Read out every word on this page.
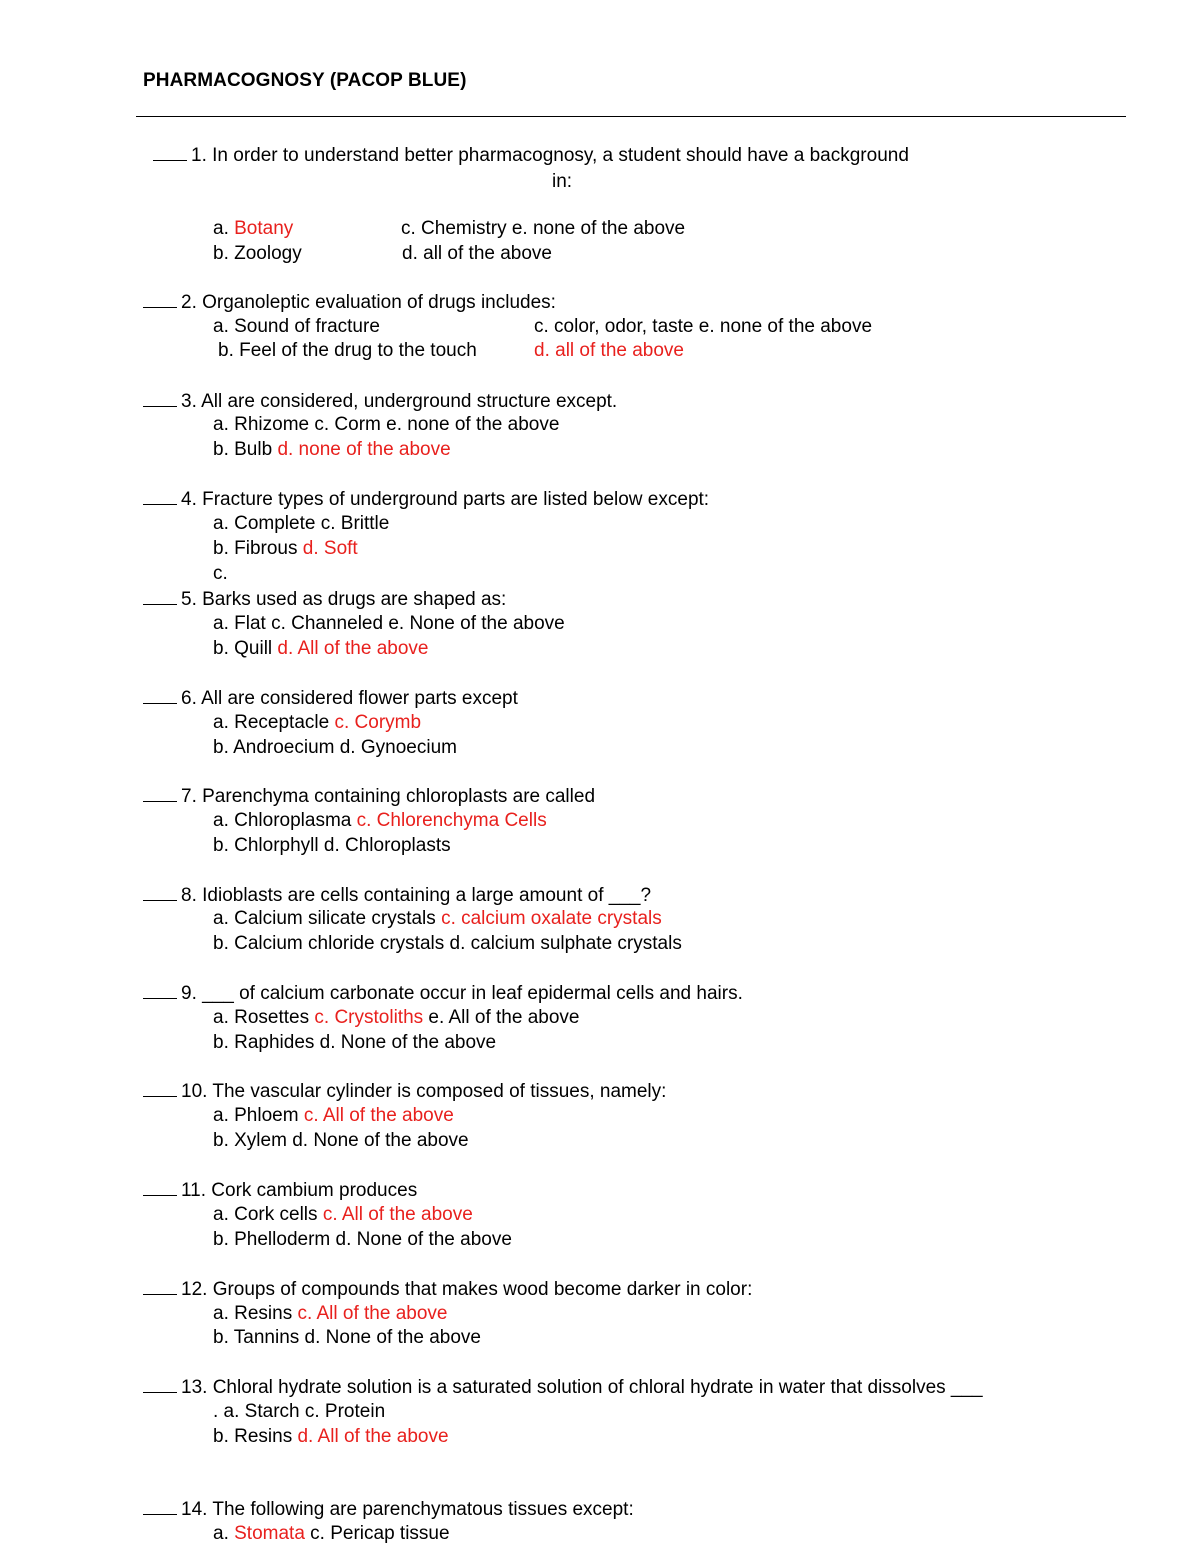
PHARMACOGNOSY (PACOP BLUE)
1. In order to understand better pharmacognosy, a student should have a background
in:
a. Botany	c. Chemistry e. none of the above
b. Zoology	d. all of the above
2. Organoleptic evaluation of drugs includes:
a. Sound of fracture	c. color, odor, taste e. none of the above
b. Feel of the drug to the touch	d. all of the above
3. All are considered, underground structure except.
a. Rhizome c. Corm e. none of the above
b. Bulb d. none of the above
4. Fracture types of underground parts are listed below except:
a. Complete c. Brittle
b. Fibrous d. Soft
c.
5. Barks used as drugs are shaped as:
a. Flat c. Channeled e. None of the above
b. Quill d. All of the above
6. All are considered flower parts except
a. Receptacle c. Corymb
b. Androecium d. Gynoecium
7. Parenchyma containing chloroplasts are called
a. Chloroplasma c. Chlorenchyma Cells
b. Chlorphyll d. Chloroplasts
8. Idioblasts are cells containing a large amount of ___?
a. Calcium silicate crystals c. calcium oxalate crystals
b. Calcium chloride crystals d. calcium sulphate crystals
9. ___ of calcium carbonate occur in leaf epidermal cells and hairs.
a. Rosettes c. Crystoliths e. All of the above
b. Raphides d. None of the above
10. The vascular cylinder is composed of tissues, namely:
a. Phloem c. All of the above
b. Xylem d. None of the above
11. Cork cambium produces
a. Cork cells c. All of the above
b. Phelloderm d. None of the above
12. Groups of compounds that makes wood become darker in color:
a. Resins c. All of the above
b. Tannins d. None of the above
13. Chloral hydrate solution is a saturated solution of chloral hydrate in water that dissolves ___
. a. Starch c. Protein
b. Resins d. All of the above
14. The following are parenchymatous tissues except:
a. Stomata c. Pericap tissue
